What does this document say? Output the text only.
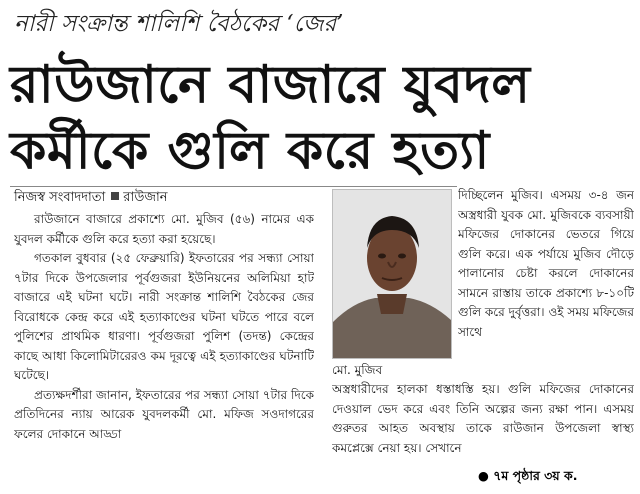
নারী সংক্রান্ত শালিশি বৈঠকের ‘জের’
রাউজানে বাজারে যুবদল
কর্মীকে গুলি করে হত্যা
নিজস্ব সংবাদদাতা রাউজান

রাউজানে বাজারে প্রকাশ্যে মো. মুজিব (৫৬) নামের এক যুবদল কর্মীকে গুলি করে হত্যা করা হয়েছে।

গতকাল বুধবার (২৫ ফেব্রুয়ারি) ইফতারের পর সন্ধ্যা সোয়া ৭টার দিকে উপজেলার পূর্বগুজরা ইউনিয়নের অলিমিয়া হাট বাজারে এই ঘটনা ঘটে। নারী সংক্রান্ত শালিশি বৈঠকের জের বিরোধকে কেন্দ্র করে এই হত্যাকাণ্ডের ঘটনা ঘটতে পারে বলে পুলিশের প্রাথমিক ধারণা। পূর্বগুজরা পুলিশ (তদন্ত) কেন্দ্রের কাছে আধা কিলোমিটারেরও কম দূরত্বে এই হত্যাকাণ্ডের ঘটনাটি ঘটেছে।

প্রত্যক্ষদর্শীরা জানান, ইফতারের পর সন্ধ্যা সোয়া ৭টার দিকে প্রতিদিনের ন্যায় আরেক যুবদলকর্মী মো. মফিজ সওদাগরের ফলের দোকানে আড্ডা

মো. মুজিব

দিচ্ছিলেন মুজিব। এসময় ৩-৪ জন অস্ত্রধারী যুবক মো. মুজিবকে ব্যবসায়ী মফিজের দোকানের ভেতরে গিয়ে গুলি করে। এক পর্যায়ে মুজিব দৌড়ে পালানোর চেষ্টা করলে দোকানের সামনে রাস্তায় তাকে প্রকাশ্যে ৮-১০টি গুলি করে দুর্বৃত্তরা। ওই সময় মফিজের সাথে

অস্ত্রধারীদের হালকা ধস্তাধস্তি হয়। গুলি মফিজের দোকানের দেওয়াল ভেদ করে এবং তিনি অল্পের জন্য রক্ষা পান। এসময় গুরুতর আহত অবস্থায় তাকে রাউজান উপজেলা স্বাস্থ্য কমপ্লেক্সে নেয়া হয়। সেখানে

● ৭ম পৃষ্ঠার ৩য় ক.
